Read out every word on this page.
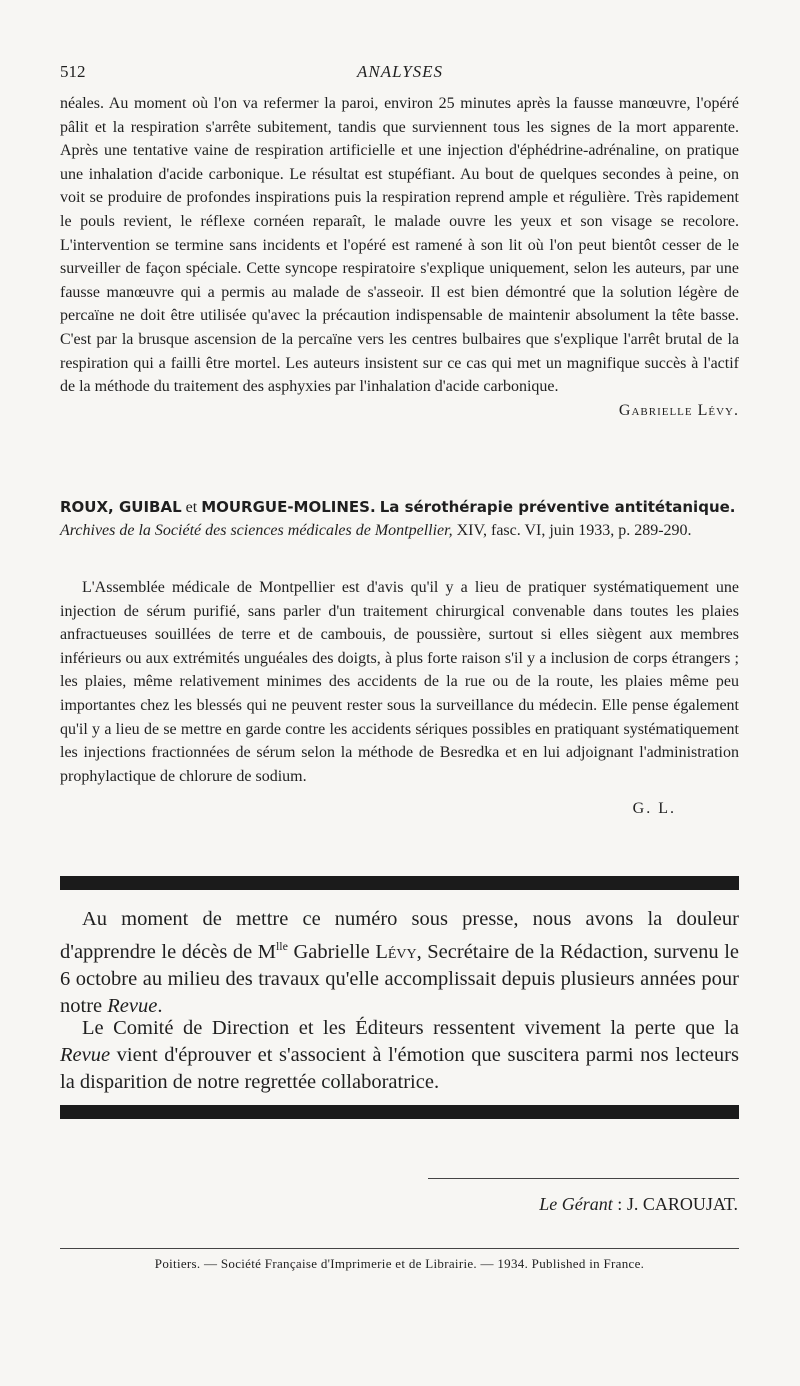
512	ANALYSES

néales. Au moment où l'on va refermer la paroi, environ 25 minutes après la fausse manœuvre, l'opéré pâlit et la respiration s'arrête subitement, tandis que surviennent tous les signes de la mort apparente. Après une tentative vaine de respiration artificielle et une injection d'éphédrine-adrénaline, on pratique une inhalation d'acide carbonique. Le résultat est stupéfiant. Au bout de quelques secondes à peine, on voit se produire de profondes inspirations puis la respiration reprend ample et régulière. Très rapidement le pouls revient, le réflexe cornéen reparaît, le malade ouvre les yeux et son visage se recolore. L'intervention se termine sans incidents et l'opéré est ramené à son lit où l'on peut bientôt cesser de le surveiller de façon spéciale. Cette syncope respiratoire s'explique uniquement, selon les auteurs, par une fausse manœuvre qui a permis au malade de s'asseoir. Il est bien démontré que la solution légère de percaïne ne doit être utilisée qu'avec la précaution indispensable de maintenir absolument la tête basse. C'est par la brusque ascension de la percaïne vers les centres bulbaires que s'explique l'arrêt brutal de la respiration qui a failli être mortel. Les auteurs insistent sur ce cas qui met un magnifique succès à l'actif de la méthode du traitement des asphyxies par l'inhalation d'acide carbonique.
Gabrielle Lévy.

ROUX, GUIBAL et MOURGUE-MOLINES. La sérothérapie préventive antitétanique. Archives de la Société des sciences médicales de Montpellier, XIV, fasc. VI, juin 1933, p. 289-290.

L'Assemblée médicale de Montpellier est d'avis qu'il y a lieu de pratiquer systématiquement une injection de sérum purifié, sans parler d'un traitement chirurgical convenable dans toutes les plaies anfractueuses souillées de terre et de cambouis, de poussière, surtout si elles siègent aux membres inférieurs ou aux extrémités unguéales des doigts, à plus forte raison s'il y a inclusion de corps étrangers ; les plaies, même relativement minimes des accidents de la rue ou de la route, les plaies même peu importantes chez les blessés qui ne peuvent rester sous la surveillance du médecin. Elle pense également qu'il y a lieu de se mettre en garde contre les accidents sériques possibles en pratiquant systématiquement les injections fractionnées de sérum selon la méthode de Besredka et en lui adjoignant l'administration prophylactique de chlorure de sodium.

G. L.

Au moment de mettre ce numéro sous presse, nous avons la douleur d'apprendre le décès de $M^{lle}$ Gabrielle Lévy, Secrétaire de la Rédaction, survenu le 6 octobre au milieu des travaux qu'elle accomplissait depuis plusieurs années pour notre Revue.

Le Comité de Direction et les Éditeurs ressentent vivement la perte que la Revue vient d'éprouver et s'associent à l'émotion que suscitera parmi nos lecteurs la disparition de notre regrettée collaboratrice.

Le Gérant : J. CAROUJAT.
Poitiers. — Société Française d'Imprimerie et de Librairie. — 1934. Published in France.
